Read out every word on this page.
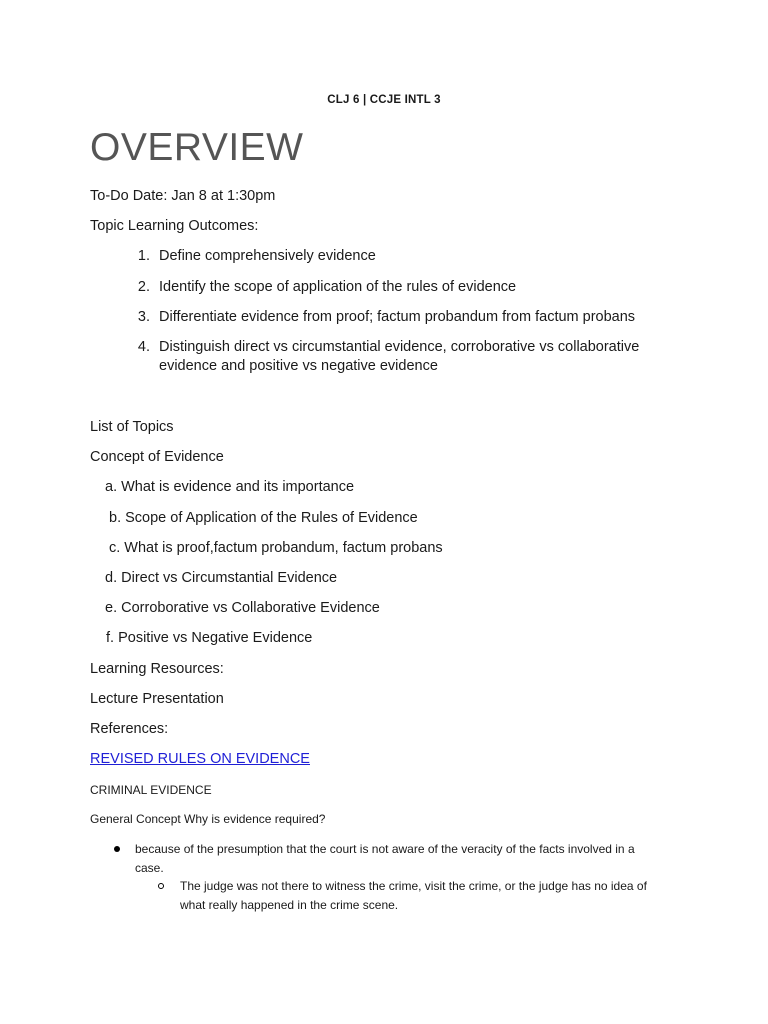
CLJ 6 | CCJE INTL 3
OVERVIEW
To-Do Date: Jan 8 at 1:30pm
Topic Learning Outcomes:
1. Define comprehensively evidence
2. Identify the scope of application of the rules of evidence
3. Differentiate evidence from proof; factum probandum from factum probans
4. Distinguish direct vs circumstantial evidence, corroborative vs collaborative
evidence and positive vs negative evidence
List of Topics
Concept of Evidence
a. What is evidence and its importance
b. Scope of Application of the Rules of Evidence
c. What is proof,factum probandum, factum probans
d. Direct vs Circumstantial Evidence
e. Corroborative vs Collaborative Evidence
f. Positive vs Negative Evidence
Learning Resources:
Lecture Presentation
References:
REVISED RULES ON EVIDENCE
CRIMINAL EVIDENCE
General Concept Why is evidence required?
because of the presumption that the court is not aware of the veracity of the facts involved in a
case.
The judge was not there to witness the crime, visit the crime, or the judge has no idea of
what really happened in the crime scene.
